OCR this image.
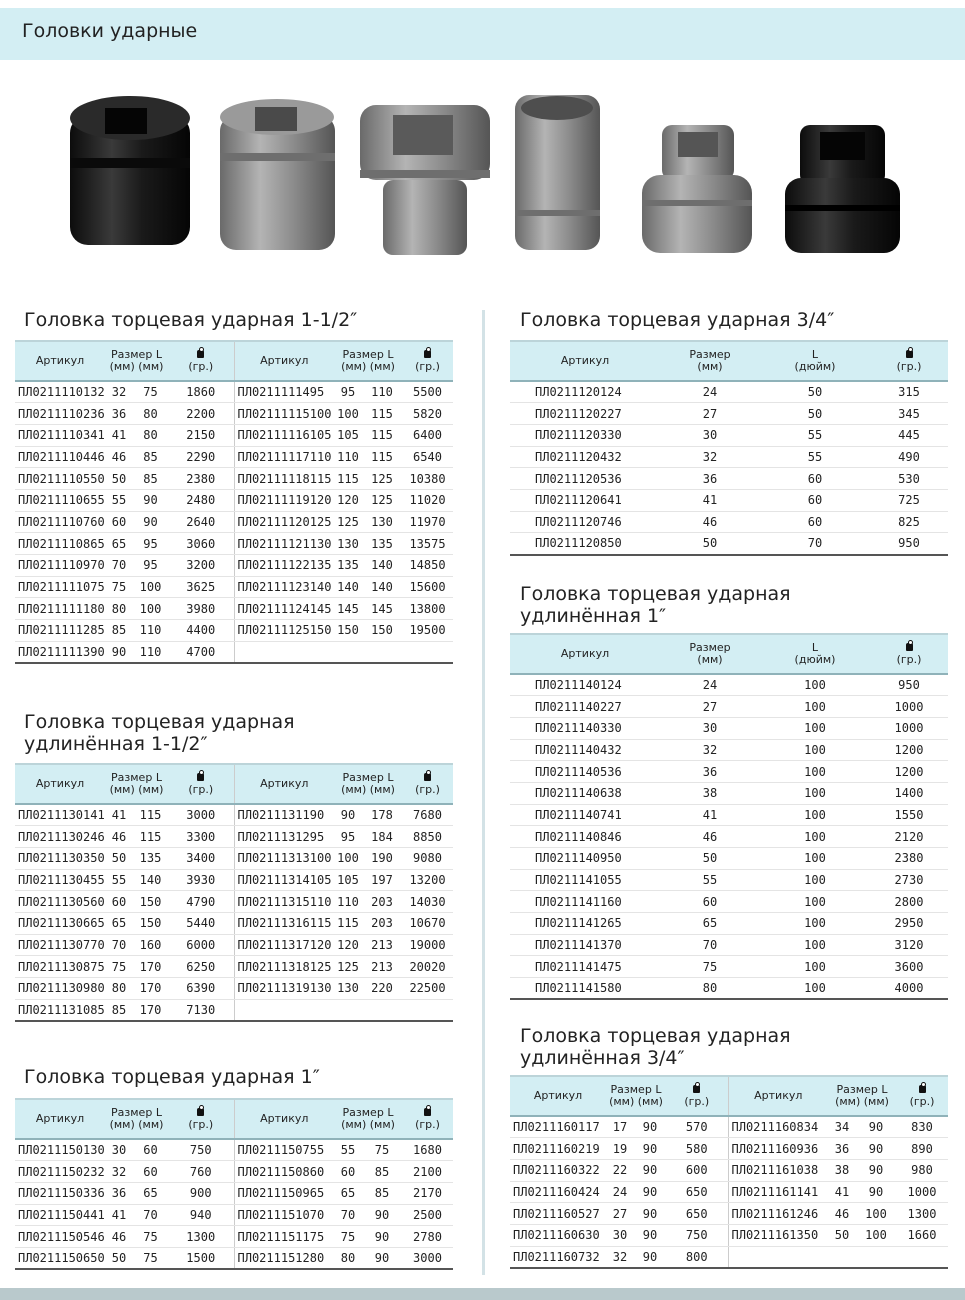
Головки ударные
Головка торцевая ударная 1-1/2″
Артикул	Размер L
(мм) (мм)		(гр.)	Артикул	Размер L
(мм) (мм)		(гр.)
ПЛ0211110132	32	75	1860	ПЛ0211111495	95	110	5500
ПЛ0211110236	36	80	2200	ПЛ02111115100	100	115	5820
ПЛ0211110341	41	80	2150	ПЛ02111116105	105	115	6400
ПЛ0211110446	46	85	2290	ПЛ02111117110	110	115	6540
ПЛ0211110550	50	85	2380	ПЛ02111118115	115	125	10380
ПЛ0211110655	55	90	2480	ПЛ02111119120	120	125	11020
ПЛ0211110760	60	90	2640	ПЛ02111120125	125	130	11970
ПЛ0211110865	65	95	3060	ПЛ02111121130	130	135	13575
ПЛ0211110970	70	95	3200	ПЛ02111122135	135	140	14850
ПЛ0211111075	75	100	3625	ПЛ02111123140	140	140	15600
ПЛ0211111180	80	100	3980	ПЛ02111124145	145	145	13800
ПЛ0211111285	85	110	4400	ПЛ02111125150	150	150	19500
ПЛ0211111390	90	110	4700				
Головка торцевая ударная
удлинённая 1-1/2″
Артикул	Размер L
(мм) (мм)		(гр.)	Артикул	Размер L
(мм) (мм)		(гр.)
ПЛ0211130141	41	115	3000	ПЛ0211131190	90	178	7680
ПЛ0211130246	46	115	3300	ПЛ0211131295	95	184	8850
ПЛ0211130350	50	135	3400	ПЛ02111313100	100	190	9080
ПЛ0211130455	55	140	3930	ПЛ02111314105	105	197	13200
ПЛ0211130560	60	150	4790	ПЛ02111315110	110	203	14030
ПЛ0211130665	65	150	5440	ПЛ02111316115	115	203	10670
ПЛ0211130770	70	160	6000	ПЛ02111317120	120	213	19000
ПЛ0211130875	75	170	6250	ПЛ02111318125	125	213	20020
ПЛ0211130980	80	170	6390	ПЛ02111319130	130	220	22500
ПЛ0211131085	85	170	7130				
Головка торцевая ударная 1″
Артикул	Размер L
(мм) (мм)		(гр.)	Артикул	Размер L
(мм) (мм)		(гр.)
ПЛ0211150130	30	60	750	ПЛ0211150755	55	75	1680
ПЛ0211150232	32	60	760	ПЛ0211150860	60	85	2100
ПЛ0211150336	36	65	900	ПЛ0211150965	65	85	2170
ПЛ0211150441	41	70	940	ПЛ0211151070	70	90	2500
ПЛ0211150546	46	75	1300	ПЛ0211151175	75	90	2780
ПЛ0211150650	50	75	1500	ПЛ0211151280	80	90	3000
Головка торцевая ударная 3/4″
Артикул	Размер
(мм)	L
(дюйм)	(гр.)
ПЛ0211120124	24	50	315
ПЛ0211120227	27	50	345
ПЛ0211120330	30	55	445
ПЛ0211120432	32	55	490
ПЛ0211120536	36	60	530
ПЛ0211120641	41	60	725
ПЛ0211120746	46	60	825
ПЛ0211120850	50	70	950
Головка торцевая ударная
удлинённая 1″
Артикул	Размер
(мм)	L
(дюйм)	(гр.)
ПЛ0211140124	24	100	950
ПЛ0211140227	27	100	1000
ПЛ0211140330	30	100	1000
ПЛ0211140432	32	100	1200
ПЛ0211140536	36	100	1200
ПЛ0211140638	38	100	1400
ПЛ0211140741	41	100	1550
ПЛ0211140846	46	100	2120
ПЛ0211140950	50	100	2380
ПЛ0211141055	55	100	2730
ПЛ0211141160	60	100	2800
ПЛ0211141265	65	100	2950
ПЛ0211141370	70	100	3120
ПЛ0211141475	75	100	3600
ПЛ0211141580	80	100	4000
Головка торцевая ударная
удлинённая 3/4″
Артикул	Размер L
(мм) (мм)		(гр.)	Артикул	Размер L
(мм) (мм)		(гр.)
ПЛ0211160117	17	90	570	ПЛ0211160834	34	90	830
ПЛ0211160219	19	90	580	ПЛ0211160936	36	90	890
ПЛ0211160322	22	90	600	ПЛ0211161038	38	90	980
ПЛ0211160424	24	90	650	ПЛ0211161141	41	90	1000
ПЛ0211160527	27	90	650	ПЛ0211161246	46	100	1300
ПЛ0211160630	30	90	750	ПЛ0211161350	50	100	1660
ПЛ0211160732	32	90	800				
